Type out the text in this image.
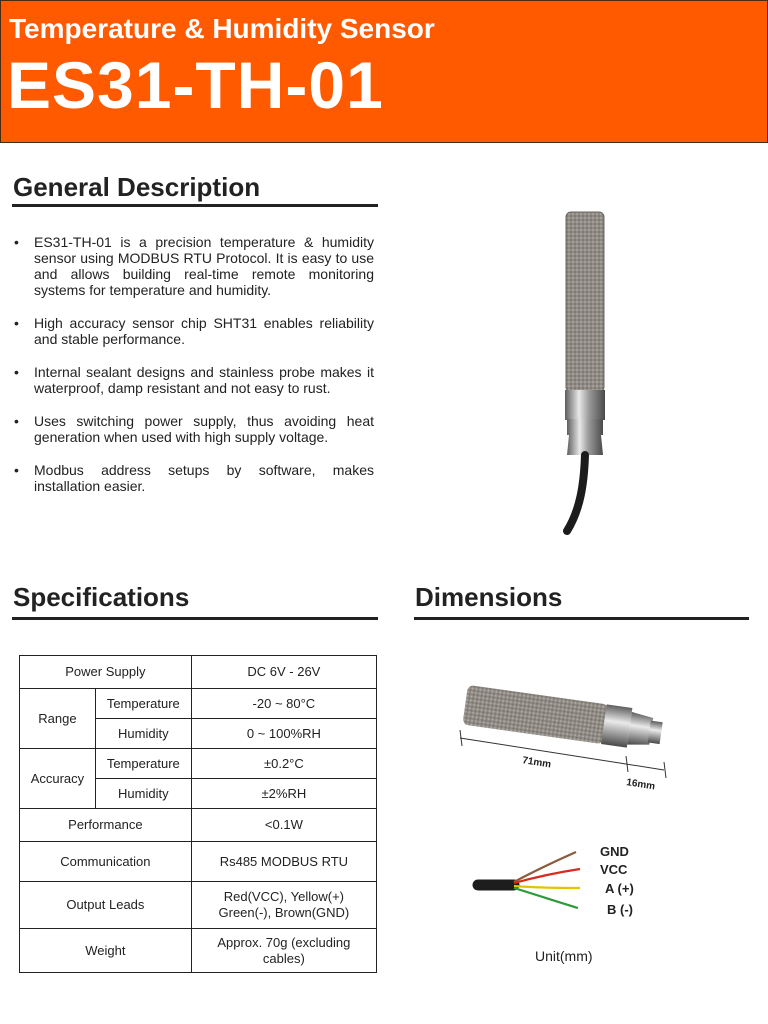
Temperature & Humidity Sensor
ES31-TH-01
General Description
• ES31-TH-01 is a precision temperature & humidity sensor using MODBUS RTU Protocol. It is easy to use and allows building real-time remote monitoring systems for temperature and humidity.
• High accuracy sensor chip SHT31 enables reliability and stable performance.
• Internal sealant designs and stainless probe makes it waterproof, damp resistant and not easy to rust.
• Uses switching power supply, thus avoiding heat generation when used with high supply voltage.
• Modbus address setups by software, makes installation easier.
Specifications
Power Supply		DC 6V - 26V
Range	Temperature	-20 ~ 80°C
	Humidity	0 ~ 100%RH
Accuracy	Temperature	±0.2°C
	Humidity	±2%RH
Performance		<0.1W
Communication		Rs485 MODBUS RTU
Output Leads		Red(VCC), Yellow(+)
Green(-), Brown(GND)
Weight		Approx. 70g (excluding
cables)
Dimensions
71mm
16mm
GND
VCC
A (+)
B (-)
Unit(mm)
